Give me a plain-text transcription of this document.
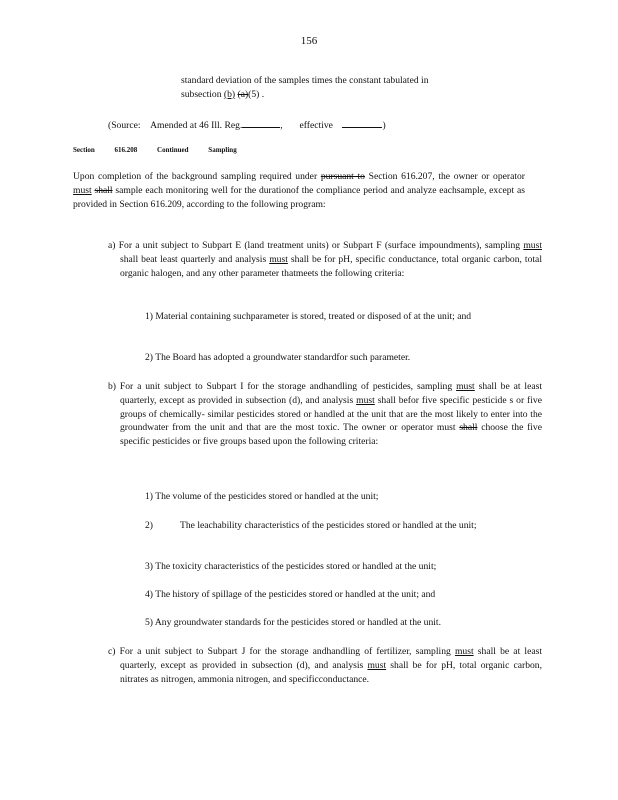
156

standard deviation of the samples times the constant tabulated in

subsection (b) (a)(5) .

(Source: Amended at 46 Ill. Reg.	, effective	)
Section	616.208	Continued	Sampling
Upon completion of the background sampling required under pursuant to Section 616.207, the owner or operator must shall sample each monitoring well for the durationof the compliance period and analyze eachsample, except as provided in Section 616.209, according to the following program:
a) For a unit subject to Subpart E (land treatment units) or Subpart F (surface impoundments), sampling must shall beat least quarterly and analysis must shall be for pH, specific conductance, total organic carbon, total organic halogen, and any other parameter thatmeets the following criteria:
1) Material containing suchparameter is stored, treated or disposed of at the unit; and
2) The Board has adopted a groundwater standardfor such parameter.
b) For a unit subject to Subpart I for the storage andhandling of pesticides, sampling must shall be at least quarterly, except as provided in subsection (d), and analysis must shall befor five specific pesticide s or five groups of chemically- similar pesticides stored or handled at the unit that are the most likely to enter into the groundwater from the unit and that are the most toxic. The owner or operator must shall choose the five specific pesticides or five groups based upon the following criteria:
1) The volume of the pesticides stored or handled at the unit;
2)	The leachability characteristics of the pesticides stored or handled at the unit;
3) The toxicity characteristics of the pesticides stored or handled at the unit;
4) The history of spillage of the pesticides stored or handled at the unit; and
5) Any groundwater standards for the pesticides stored or handled at the unit.
c) For a unit subject to Subpart J for the storage andhandling of fertilizer, sampling must shall be at least quarterly, except as provided in subsection (d), and analysis must shall be for pH, total organic carbon, nitrates as nitrogen, ammonia nitrogen, and specificconductance.
